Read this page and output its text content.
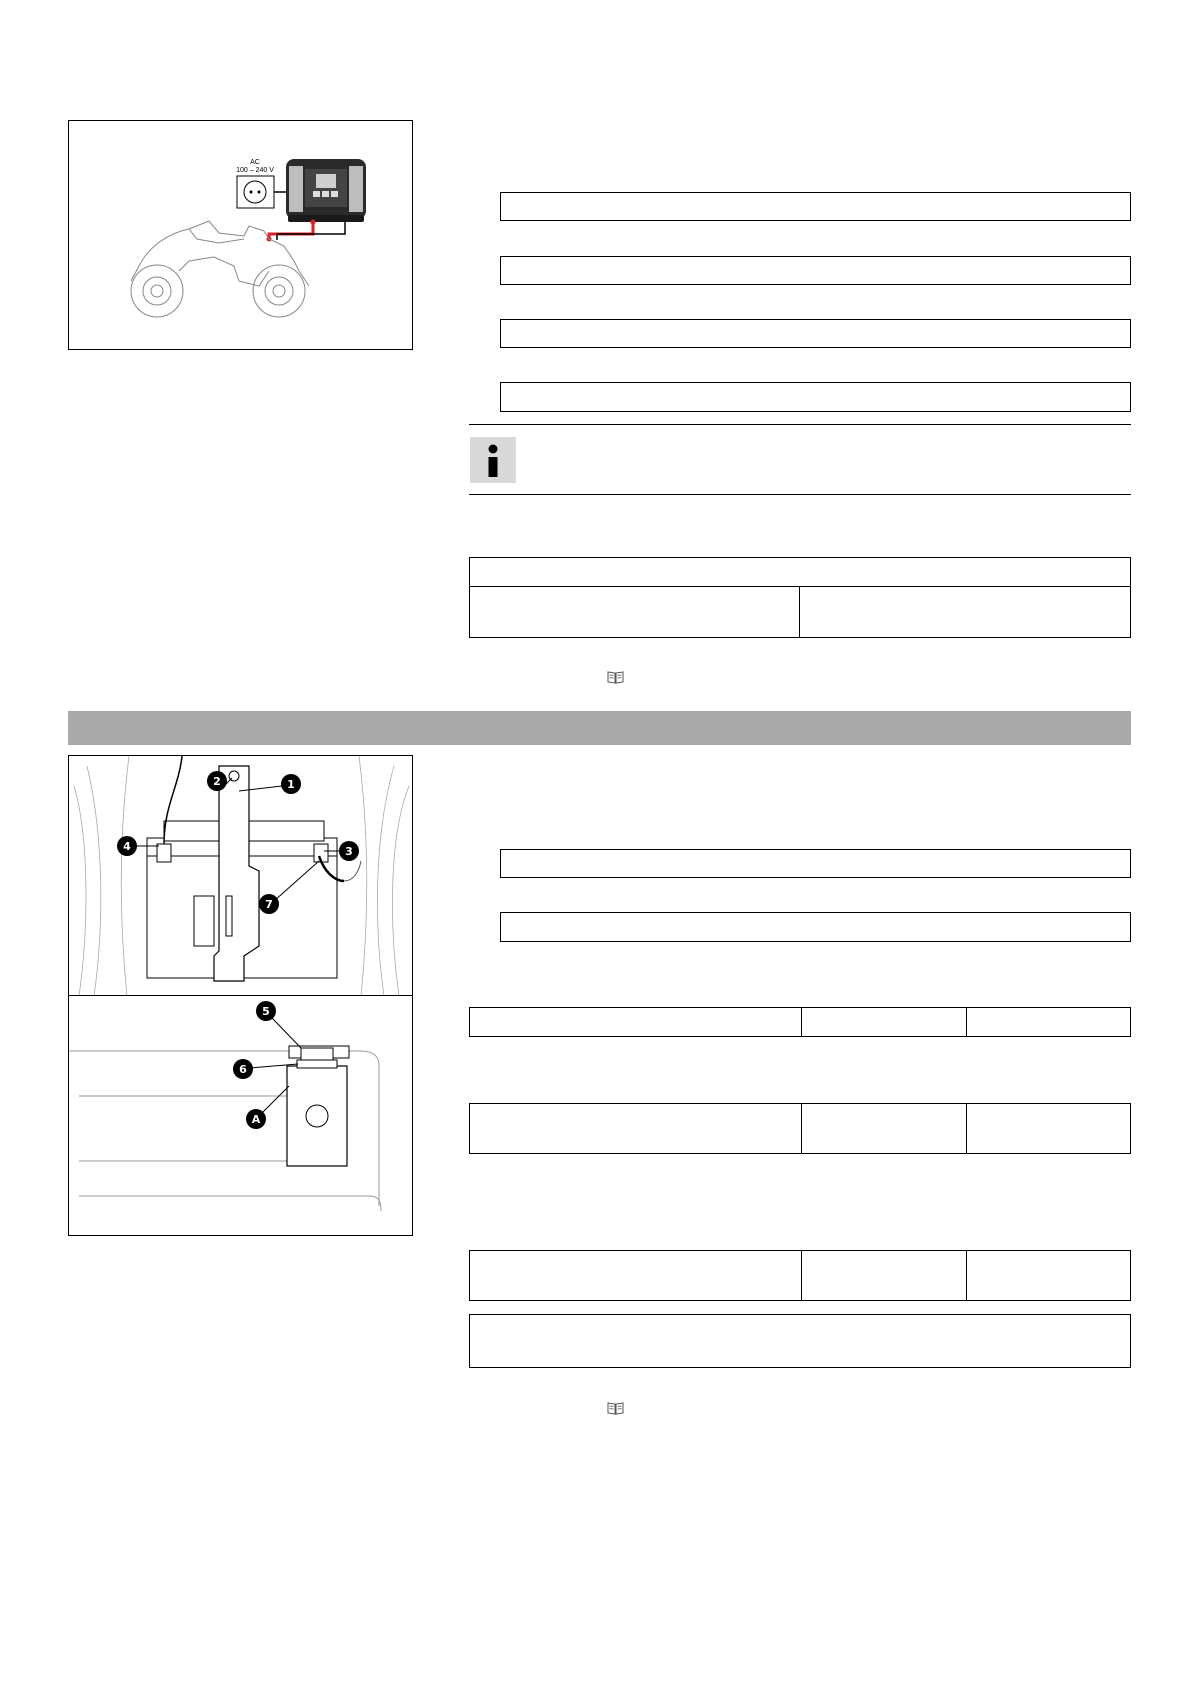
AC
100 – 240 V
1
2
3
4
7
5
6
A
